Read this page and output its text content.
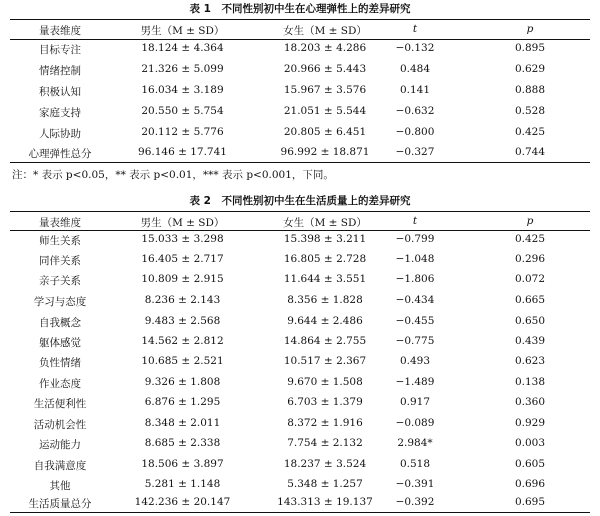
表 1　不同性别初中生在心理弹性上的差异研究
量表维度	男生（M ± SD）	女生（M ± SD）	t	p
目标专注	18.124 ± 4.364	18.203 ± 4.286	−0.132	0.895
情绪控制	21.326 ± 5.099	20.966 ± 5.443	0.484	0.629
积极认知	16.034 ± 3.189	15.967 ± 3.576	0.141	0.888
家庭支持	20.550 ± 5.754	21.051 ± 5.544	−0.632	0.528
人际协助	20.112 ± 5.776	20.805 ± 6.451	−0.800	0.425
心理弹性总分	96.146 ± 17.741	96.992 ± 18.871	−0.327	0.744
注：* 表示 p<0.05，** 表示 p<0.01，*** 表示 p<0.001，下同。
表 2　不同性别初中生在生活质量上的差异研究
量表维度	男生（M ± SD）	女生（M ± SD）	t	p
师生关系	15.033 ± 3.298	15.398 ± 3.211	−0.799	0.425
同伴关系	16.405 ± 2.717	16.805 ± 2.728	−1.048	0.296
亲子关系	10.809 ± 2.915	11.644 ± 3.551	−1.806	0.072
学习与态度	8.236 ± 2.143	8.356 ± 1.828	−0.434	0.665
自我概念	9.483 ± 2.568	9.644 ± 2.486	−0.455	0.650
躯体感觉	14.562 ± 2.812	14.864 ± 2.755	−0.775	0.439
负性情绪	10.685 ± 2.521	10.517 ± 2.367	0.493	0.623
作业态度	9.326 ± 1.808	9.670 ± 1.508	−1.489	0.138
生活便利性	6.876 ± 1.295	6.703 ± 1.379	0.917	0.360
活动机会性	8.348 ± 2.011	8.372 ± 1.916	−0.089	0.929
运动能力	8.685 ± 2.338	7.754 ± 2.132	2.984*	0.003
自我满意度	18.506 ± 3.897	18.237 ± 3.524	0.518	0.605
其他	5.281 ± 1.148	5.348 ± 1.257	−0.391	0.696
生活质量总分	142.236 ± 20.147	143.313 ± 19.137	−0.392	0.695
